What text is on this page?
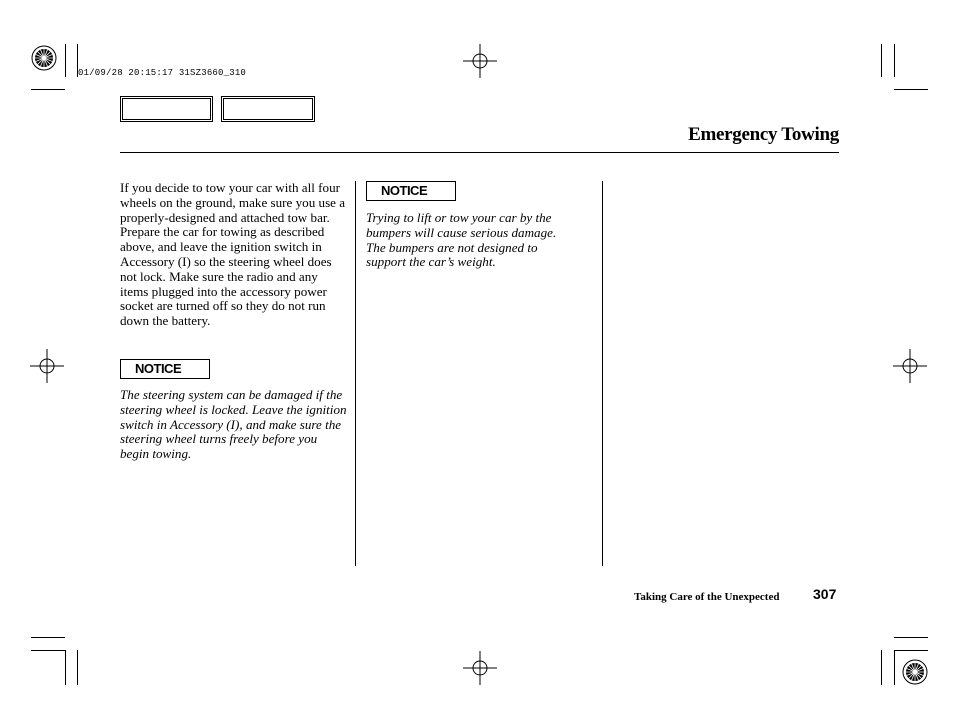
01/09/28 20:15:17 31SZ3660_310
Emergency Towing

If you decide to tow your car with all four wheels on the ground, make sure you use a properly-designed and attached tow bar. Prepare the car for towing as described above, and leave the ignition switch in Accessory (I) so the steering wheel does not lock. Make sure the radio and any items plugged into the accessory power socket are turned off so they do not run down the battery.

NOTICE

The steering system can be damaged if the steering wheel is locked. Leave the ignition switch in Accessory (I), and make sure the steering wheel turns freely before you begin towing.

NOTICE

Trying to lift or tow your car by the bumpers will cause serious damage. The bumpers are not designed to support the car’s weight.

Taking Care of the Unexpected 307
